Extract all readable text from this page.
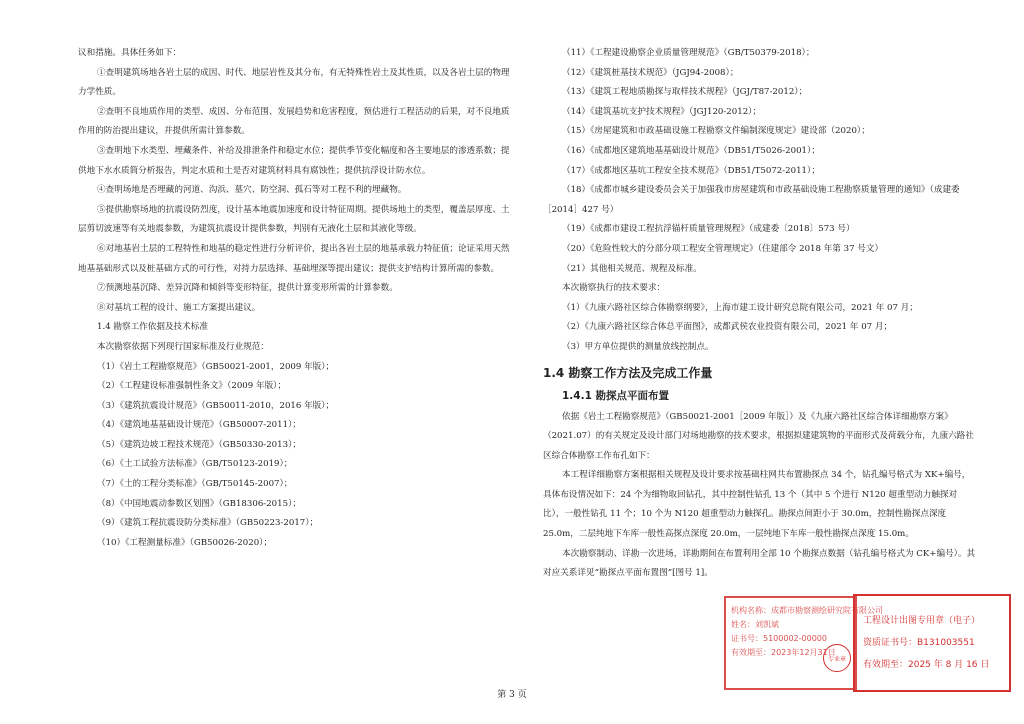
议和措施。具体任务如下：

①查明建筑场地各岩土层的成因、时代、地层岩性及其分布，有无特殊性岩土及其性质，以及各岩土层的物理力学性质。

②查明不良地质作用的类型、成因、分布范围、发展趋势和危害程度，预估进行工程活动的后果，对不良地质作用的防治提出建议，并提供所需计算参数。

③查明地下水类型、埋藏条件、补给及排泄条件和稳定水位；提供季节变化幅度和各主要地层的渗透系数；提供地下水水质简分析报告，判定水质和土是否对建筑材料具有腐蚀性；提供抗浮设计防水位。

④查明场地是否埋藏的河道、沟浜、墓穴、防空洞、孤石等对工程不利的埋藏物。

⑤提供勘察场地的抗震设防烈度，设计基本地震加速度和设计特征周期。提供场地土的类型，覆盖层厚度、土层剪切波速等有关地震参数，为建筑抗震设计提供参数，判别有无液化土层和其液化等级。

⑥对地基岩土层的工程特性和地基的稳定性进行分析评价，提出各岩土层的地基承载力特征值；论证采用天然地基基础形式以及桩基础方式的可行性，对持力层选择、基础埋深等提出建议；提供支护结构计算所需的参数。

⑦预测地基沉降、差异沉降和倾斜等变形特征，提供计算变形所需的计算参数。

⑧对基坑工程的设计、施工方案提出建议。

1.4 勘察工作依据及技术标准

本次勘察依据下列现行国家标准及行业规范：

（1）《岩土工程勘察规范》（GB50021-2001，2009 年版）；

（2）《工程建设标准强制性条文》（2009 年版）；

（3）《建筑抗震设计规范》（GB50011-2010，2016 年版）；

（4）《建筑地基基础设计规范》（GB50007-2011）；

（5）《建筑边坡工程技术规范》（GB50330-2013）；

（6）《土工试验方法标准》（GB/T50123-2019）；

（7）《土的工程分类标准》（GB/T50145-2007）；

（8）《中国地震动参数区划图》（GB18306-2015）；

（9）《建筑工程抗震设防分类标准》（GB50223-2017）；

（10）《工程测量标准》（GB50026-2020）；

（11）《工程建设勘察企业质量管理规范》（GB/T50379-2018）；

（12）《建筑桩基技术规范》（JGJ94-2008）；

（13）《建筑工程地质勘探与取样技术规程》（JGJ/T87-2012）；

（14）《建筑基坑支护技术规程》（JGJ120-2012）；

（15）《房屋建筑和市政基础设施工程勘察文件编制深度规定》建设部（2020）；

（16）《成都地区建筑地基基础设计规范》（DB51/T5026-2001）；

（17）《成都地区基坑工程安全技术规范》（DB51/T5072-2011）；

（18）《成都市城乡建设委员会关于加强我市房屋建筑和市政基础设施工程勘察质量管理的通知》（成建委［2014］427 号）

（19）《成都市建设工程抗浮锚杆质量管理规程》（成建委〔2018〕573 号）

（20）《危险性较大的分部分项工程安全管理规定》（住建部令 2018 年第 37 号文）

（21）其他相关规范、规程及标准。

本次勘察执行的技术要求：

（1）《九康六路社区综合体勘察纲要》，上海市建工设计研究总院有限公司，2021 年 07 月；

（2）《九康六路社区综合体总平面图》，成都武侯农业投资有限公司，2021 年 07 月；

（3）甲方单位提供的测量放线控制点。

1.4 勘察工作方法及完成工作量

1.4.1 勘探点平面布置

依据《岩土工程勘察规范》（GB50021-2001［2009 年版］）及《九康六路社区综合体详细勘察方案》（2021.07）的有关规定及设计部门对场地勘察的技术要求，根据拟建建筑物的平面形式及荷载分布，九康六路社区综合体勘察工作布孔如下：

本工程详细勘察方案根据相关规程及设计要求按基础柱网共布置勘探点 34 个，钻孔编号格式为 XK+编号，具体布设情况如下：24 个为细物取回钻孔，其中控制性钻孔 13 个（其中 5 个进行 N120 超重型动力触探对比），一般性钻孔 11 个；10 个为 N120 超重型动力触探孔。勘探点间距小于 30.0m，控制性勘探点深度 25.0m，二层纯地下车库一般性高探点深度 20.0m，一层纯地下车库一般性勘探点深度 15.0m。

本次勘察制动、详勘一次进场，详勘期间在布置利用全部 10 个勘探点数据（钻孔编号格式为 CK+编号）。其对应关系详见“勘探点平面布置图”[图号 1]。

第 3 页
机构名称：成都市勘察测绘研究院有限公司
姓名：刘凯斌
证书号：5100002-00000
有效期至：2023年12月31日
专业章
工程设计出图专用章（电子）
资质证书号：B131003551
有效期至：2025 年 8 月 16 日
